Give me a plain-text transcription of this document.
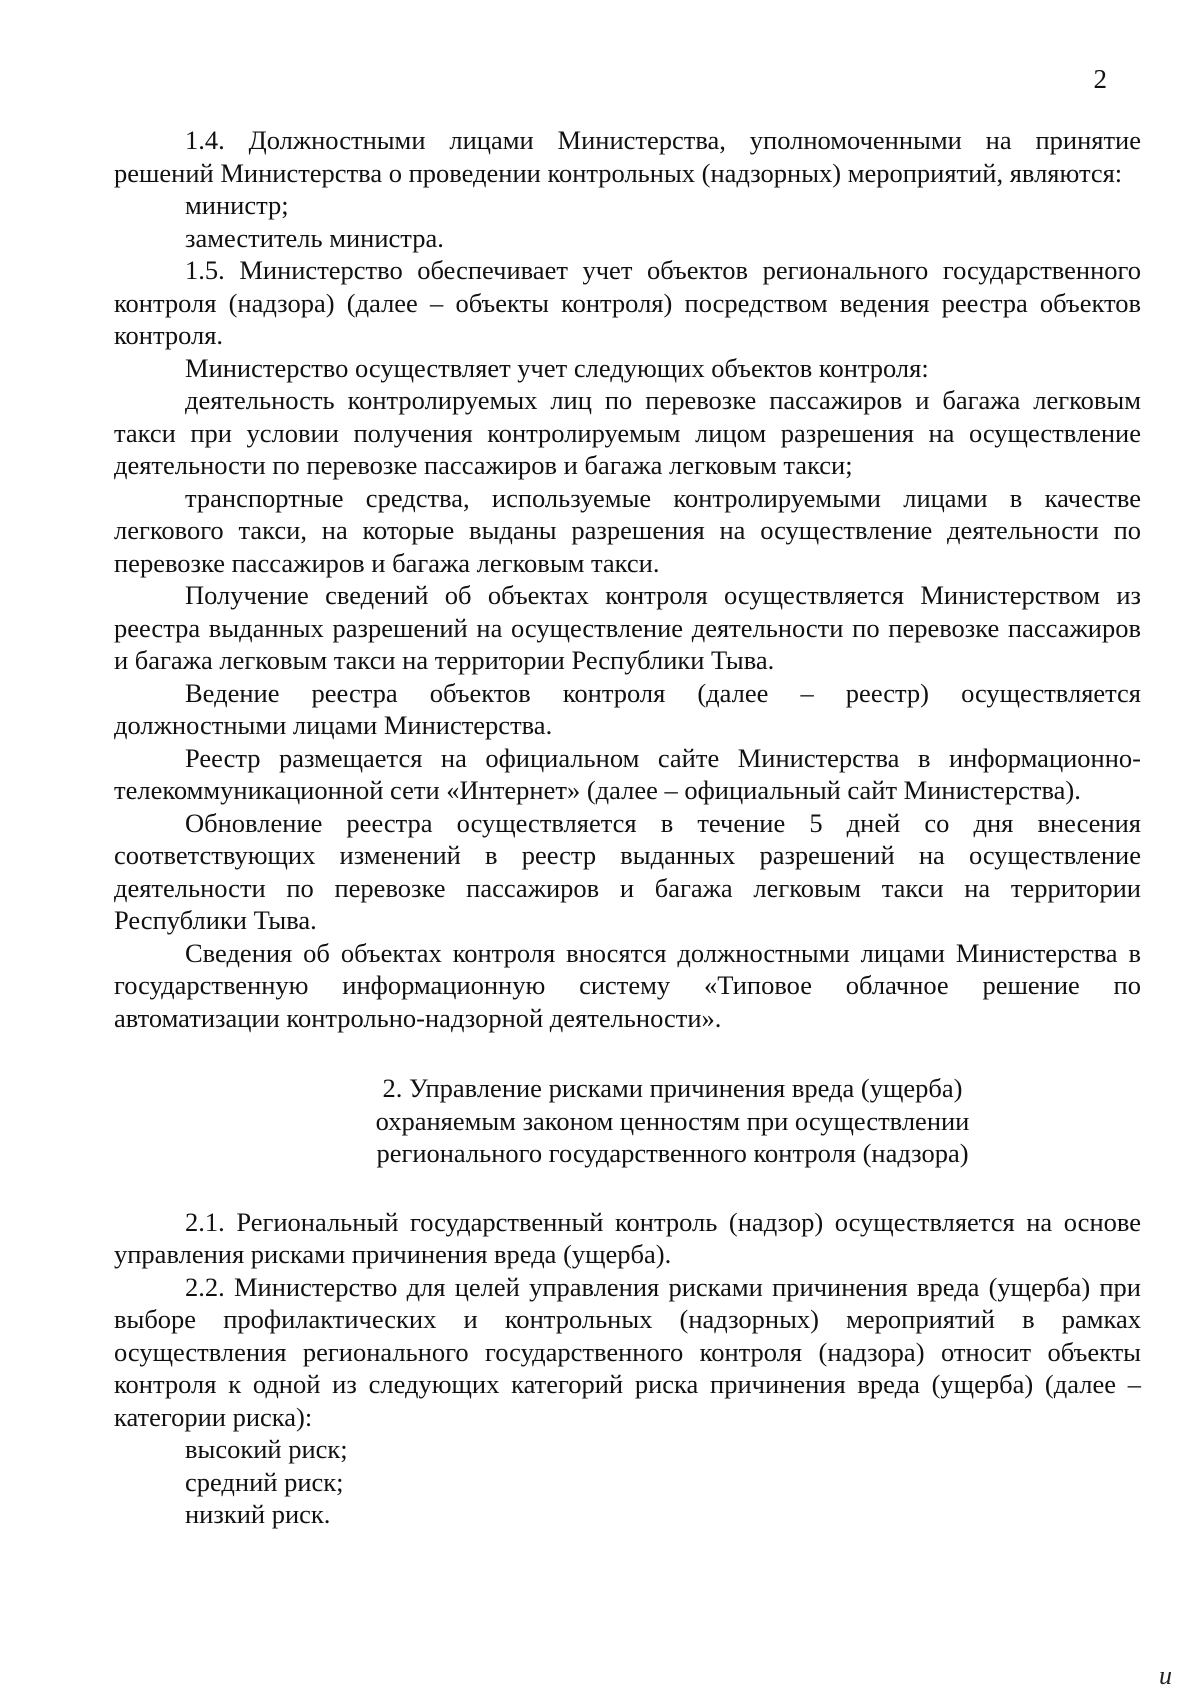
2

1.4. Должностными лицами Министерства, уполномоченными на принятие решений Министерства о проведении контрольных (надзорных) мероприятий, являются:

министр;

заместитель министра.

1.5. Министерство обеспечивает учет объектов регионального государственного контроля (надзора) (далее – объекты контроля) посредством ведения реестра объектов контроля.

Министерство осуществляет учет следующих объектов контроля:

деятельность контролируемых лиц по перевозке пассажиров и багажа легковым такси при условии получения контролируемым лицом разрешения на осуществление деятельности по перевозке пассажиров и багажа легковым такси;

транспортные средства, используемые контролируемыми лицами в качестве легкового такси, на которые выданы разрешения на осуществление деятельности по перевозке пассажиров и багажа легковым такси.

Получение сведений об объектах контроля осуществляется Министерством из реестра выданных разрешений на осуществление деятельности по перевозке пассажиров и багажа легковым такси на территории Республики Тыва.

Ведение реестра объектов контроля (далее – реестр) осуществляется должностными лицами Министерства.

Реестр размещается на официальном сайте Министерства в информационно-телекоммуникационной сети «Интернет» (далее – официальный сайт Министерства).

Обновление реестра осуществляется в течение 5 дней со дня внесения соответствующих изменений в реестр выданных разрешений на осуществление деятельности по перевозке пассажиров и багажа легковым такси на территории Республики Тыва.

Сведения об объектах контроля вносятся должностными лицами Министерства в государственную информационную систему «Типовое облачное решение по автоматизации контрольно-надзорной деятельности».

2. Управление рисками причинения вреда (ущерба)
охраняемым законом ценностям при осуществлении
регионального государственного контроля (надзора)

2.1. Региональный государственный контроль (надзор) осуществляется на основе управления рисками причинения вреда (ущерба).

2.2. Министерство для целей управления рисками причинения вреда (ущерба) при выборе профилактических и контрольных (надзорных) мероприятий в рамках осуществления регионального государственного контроля (надзора) относит объекты контроля к одной из следующих категорий риска причинения вреда (ущерба) (далее – категории риска):

высокий риск;

средний риск;

низкий риск.

и
